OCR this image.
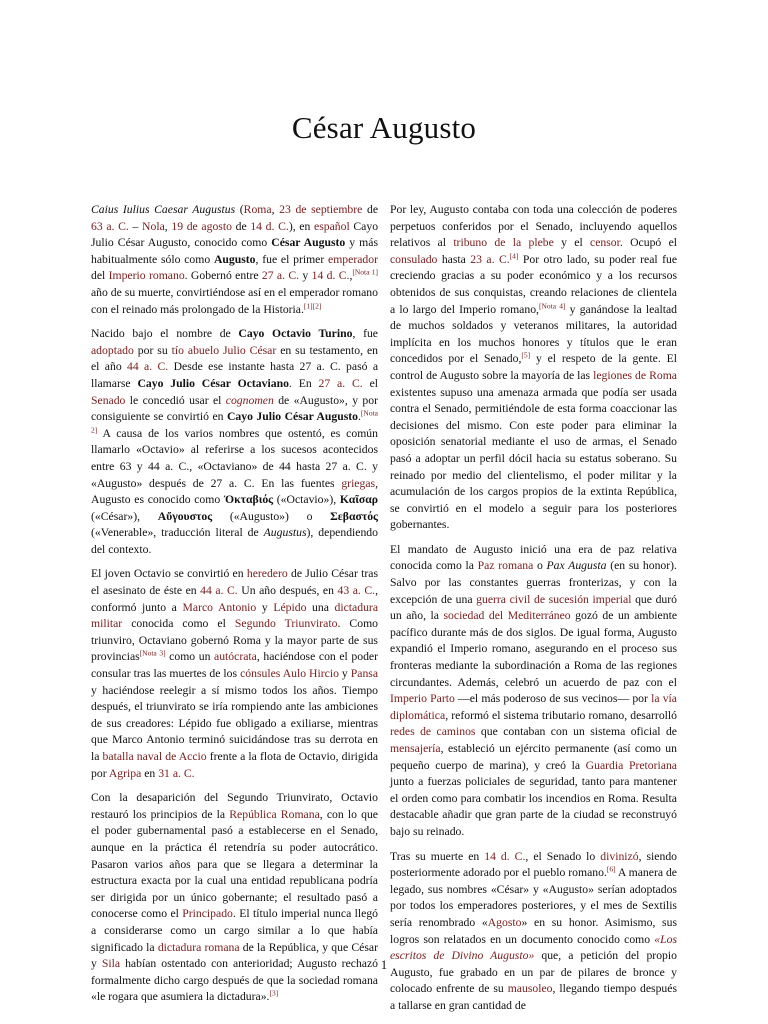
César Augusto

Caius Iulius Caesar Augustus (Roma, 23 de septiembre de 63 a. C. – Nola, 19 de agosto de 14 d. C.), en español Cayo Julio César Augusto, conocido como César Augusto y más habitualmente sólo como Augusto, fue el primer emperador del Imperio romano. Gobernó entre 27 a. C. y 14 d. C.,[Nota 1] año de su muerte, convirtiéndose así en el emperador romano con el reinado más prolongado de la Historia.[1][2]

Nacido bajo el nombre de Cayo Octavio Turino, fue adoptado por su tío abuelo Julio César en su testamento, en el año 44 a. C. Desde ese instante hasta 27 a. C. pasó a llamarse Cayo Julio César Octaviano. En 27 a. C. el Senado le concedió usar el cognomen de «Augusto», y por consiguiente se convirtió en Cayo Julio César Augusto.[Nota 2] A causa de los varios nombres que ostentó, es común llamarlo «Octavio» al referirse a los sucesos acontecidos entre 63 y 44 a. C., «Octaviano» de 44 hasta 27 a. C. y «Augusto» después de 27 a. C. En las fuentes griegas, Augusto es conocido como Ὀκταβιός («Octavio»), Καῖσαρ («César»), Αὔγουστος («Augusto») o Σεβαστός («Venerable», traducción literal de Augustus), dependiendo del contexto.

El joven Octavio se convirtió en heredero de Julio César tras el asesinato de éste en 44 a. C. Un año después, en 43 a. C., conformó junto a Marco Antonio y Lépido una dictadura militar conocida como el Segundo Triunvirato. Como triunviro, Octaviano gobernó Roma y la mayor parte de sus provincias[Nota 3] como un autócrata, haciéndose con el poder consular tras las muertes de los cónsules Aulo Hircio y Pansa y haciéndose reelegir a sí mismo todos los años. Tiempo después, el triunvirato se iría rompiendo ante las ambiciones de sus creadores: Lépido fue obligado a exiliarse, mientras que Marco Antonio terminó suicidándose tras su derrota en la batalla naval de Accio frente a la flota de Octavio, dirigida por Agripa en 31 a. C.

Con la desaparición del Segundo Triunvirato, Octavio restauró los principios de la República Romana, con lo que el poder gubernamental pasó a establecerse en el Senado, aunque en la práctica él retendría su poder autocrático. Pasaron varios años para que se llegara a determinar la estructura exacta por la cual una entidad republicana podría ser dirigida por un único gobernante; el resultado pasó a conocerse como el Principado. El título imperial nunca llegó a considerarse como un cargo similar a lo que había significado la dictadura romana de la República, y que César y Sila habían ostentado con anterioridad; Augusto rechazó formalmente dicho cargo después de que la sociedad romana «le rogara que asumiera la dictadura».[3]

Por ley, Augusto contaba con toda una colección de poderes perpetuos conferidos por el Senado, incluyendo aquellos relativos al tribuno de la plebe y el censor. Ocupó el consulado hasta 23 a. C.[4] Por otro lado, su poder real fue creciendo gracias a su poder económico y a los recursos obtenidos de sus conquistas, creando relaciones de clientela a lo largo del Imperio romano,[Nota 4] y ganándose la lealtad de muchos soldados y veteranos militares, la autoridad implícita en los muchos honores y títulos que le eran concedidos por el Senado,[5] y el respeto de la gente. El control de Augusto sobre la mayoría de las legiones de Roma existentes supuso una amenaza armada que podía ser usada contra el Senado, permitiéndole de esta forma coaccionar las decisiones del mismo. Con este poder para eliminar la oposición senatorial mediante el uso de armas, el Senado pasó a adoptar un perfil dócil hacia su estatus soberano. Su reinado por medio del clientelismo, el poder militar y la acumulación de los cargos propios de la extinta República, se convirtió en el modelo a seguir para los posteriores gobernantes.

El mandato de Augusto inició una era de paz relativa conocida como la Paz romana o Pax Augusta (en su honor). Salvo por las constantes guerras fronterizas, y con la excepción de una guerra civil de sucesión imperial que duró un año, la sociedad del Mediterráneo gozó de un ambiente pacífico durante más de dos siglos. De igual forma, Augusto expandió el Imperio romano, asegurando en el proceso sus fronteras mediante la subordinación a Roma de las regiones circundantes. Además, celebró un acuerdo de paz con el Imperio Parto —el más poderoso de sus vecinos— por la vía diplomática, reformó el sistema tributario romano, desarrolló redes de caminos que contaban con un sistema oficial de mensajería, estableció un ejército permanente (así como un pequeño cuerpo de marina), y creó la Guardia Pretoriana junto a fuerzas policiales de seguridad, tanto para mantener el orden como para combatir los incendios en Roma. Resulta destacable añadir que gran parte de la ciudad se reconstruyó bajo su reinado.

Tras su muerte en 14 d. C., el Senado lo divinizó, siendo posteriormente adorado por el pueblo romano.[6] A manera de legado, sus nombres «César» y «Augusto» serían adoptados por todos los emperadores posteriores, y el mes de Sextilis sería renombrado «Agosto» en su honor. Asimismo, sus logros son relatados en un documento conocido como «Los escritos de Divino Augusto» que, a petición del propio Augusto, fue grabado en un par de pilares de bronce y colocado enfrente de su mausoleo, llegando tiempo después a tallarse en gran cantidad de

1
